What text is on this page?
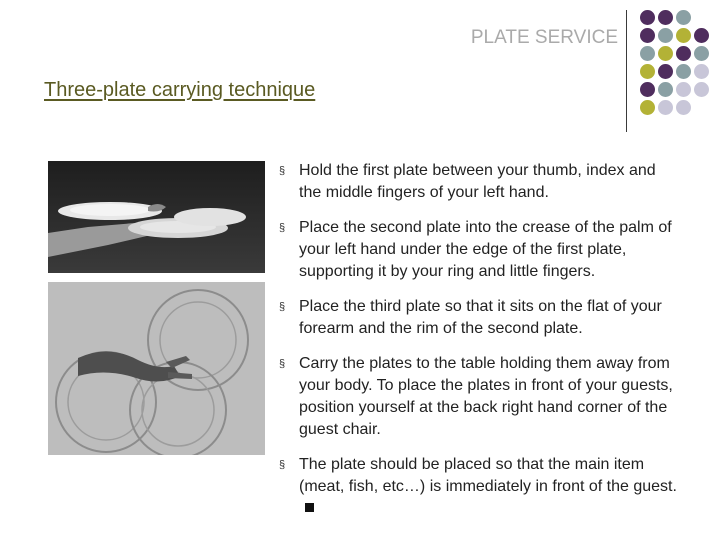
PLATE SERVICE
Three-plate carrying technique
§ Hold the first plate between your thumb, index and the middle fingers of your left hand.
§ Place the second plate into the crease of the palm of your left hand under the edge of the first plate, supporting it by your ring and little fingers.
§ Place the third plate so that it sits on the flat of your forearm and the rim of the second plate.
§ Carry the plates to the table holding them away from your body. To place the plates in front of your guests, position yourself at the back right hand corner of the guest chair.
§ The plate should be placed so that the main item (meat, fish, etc…) is immediately in front of the guest.
